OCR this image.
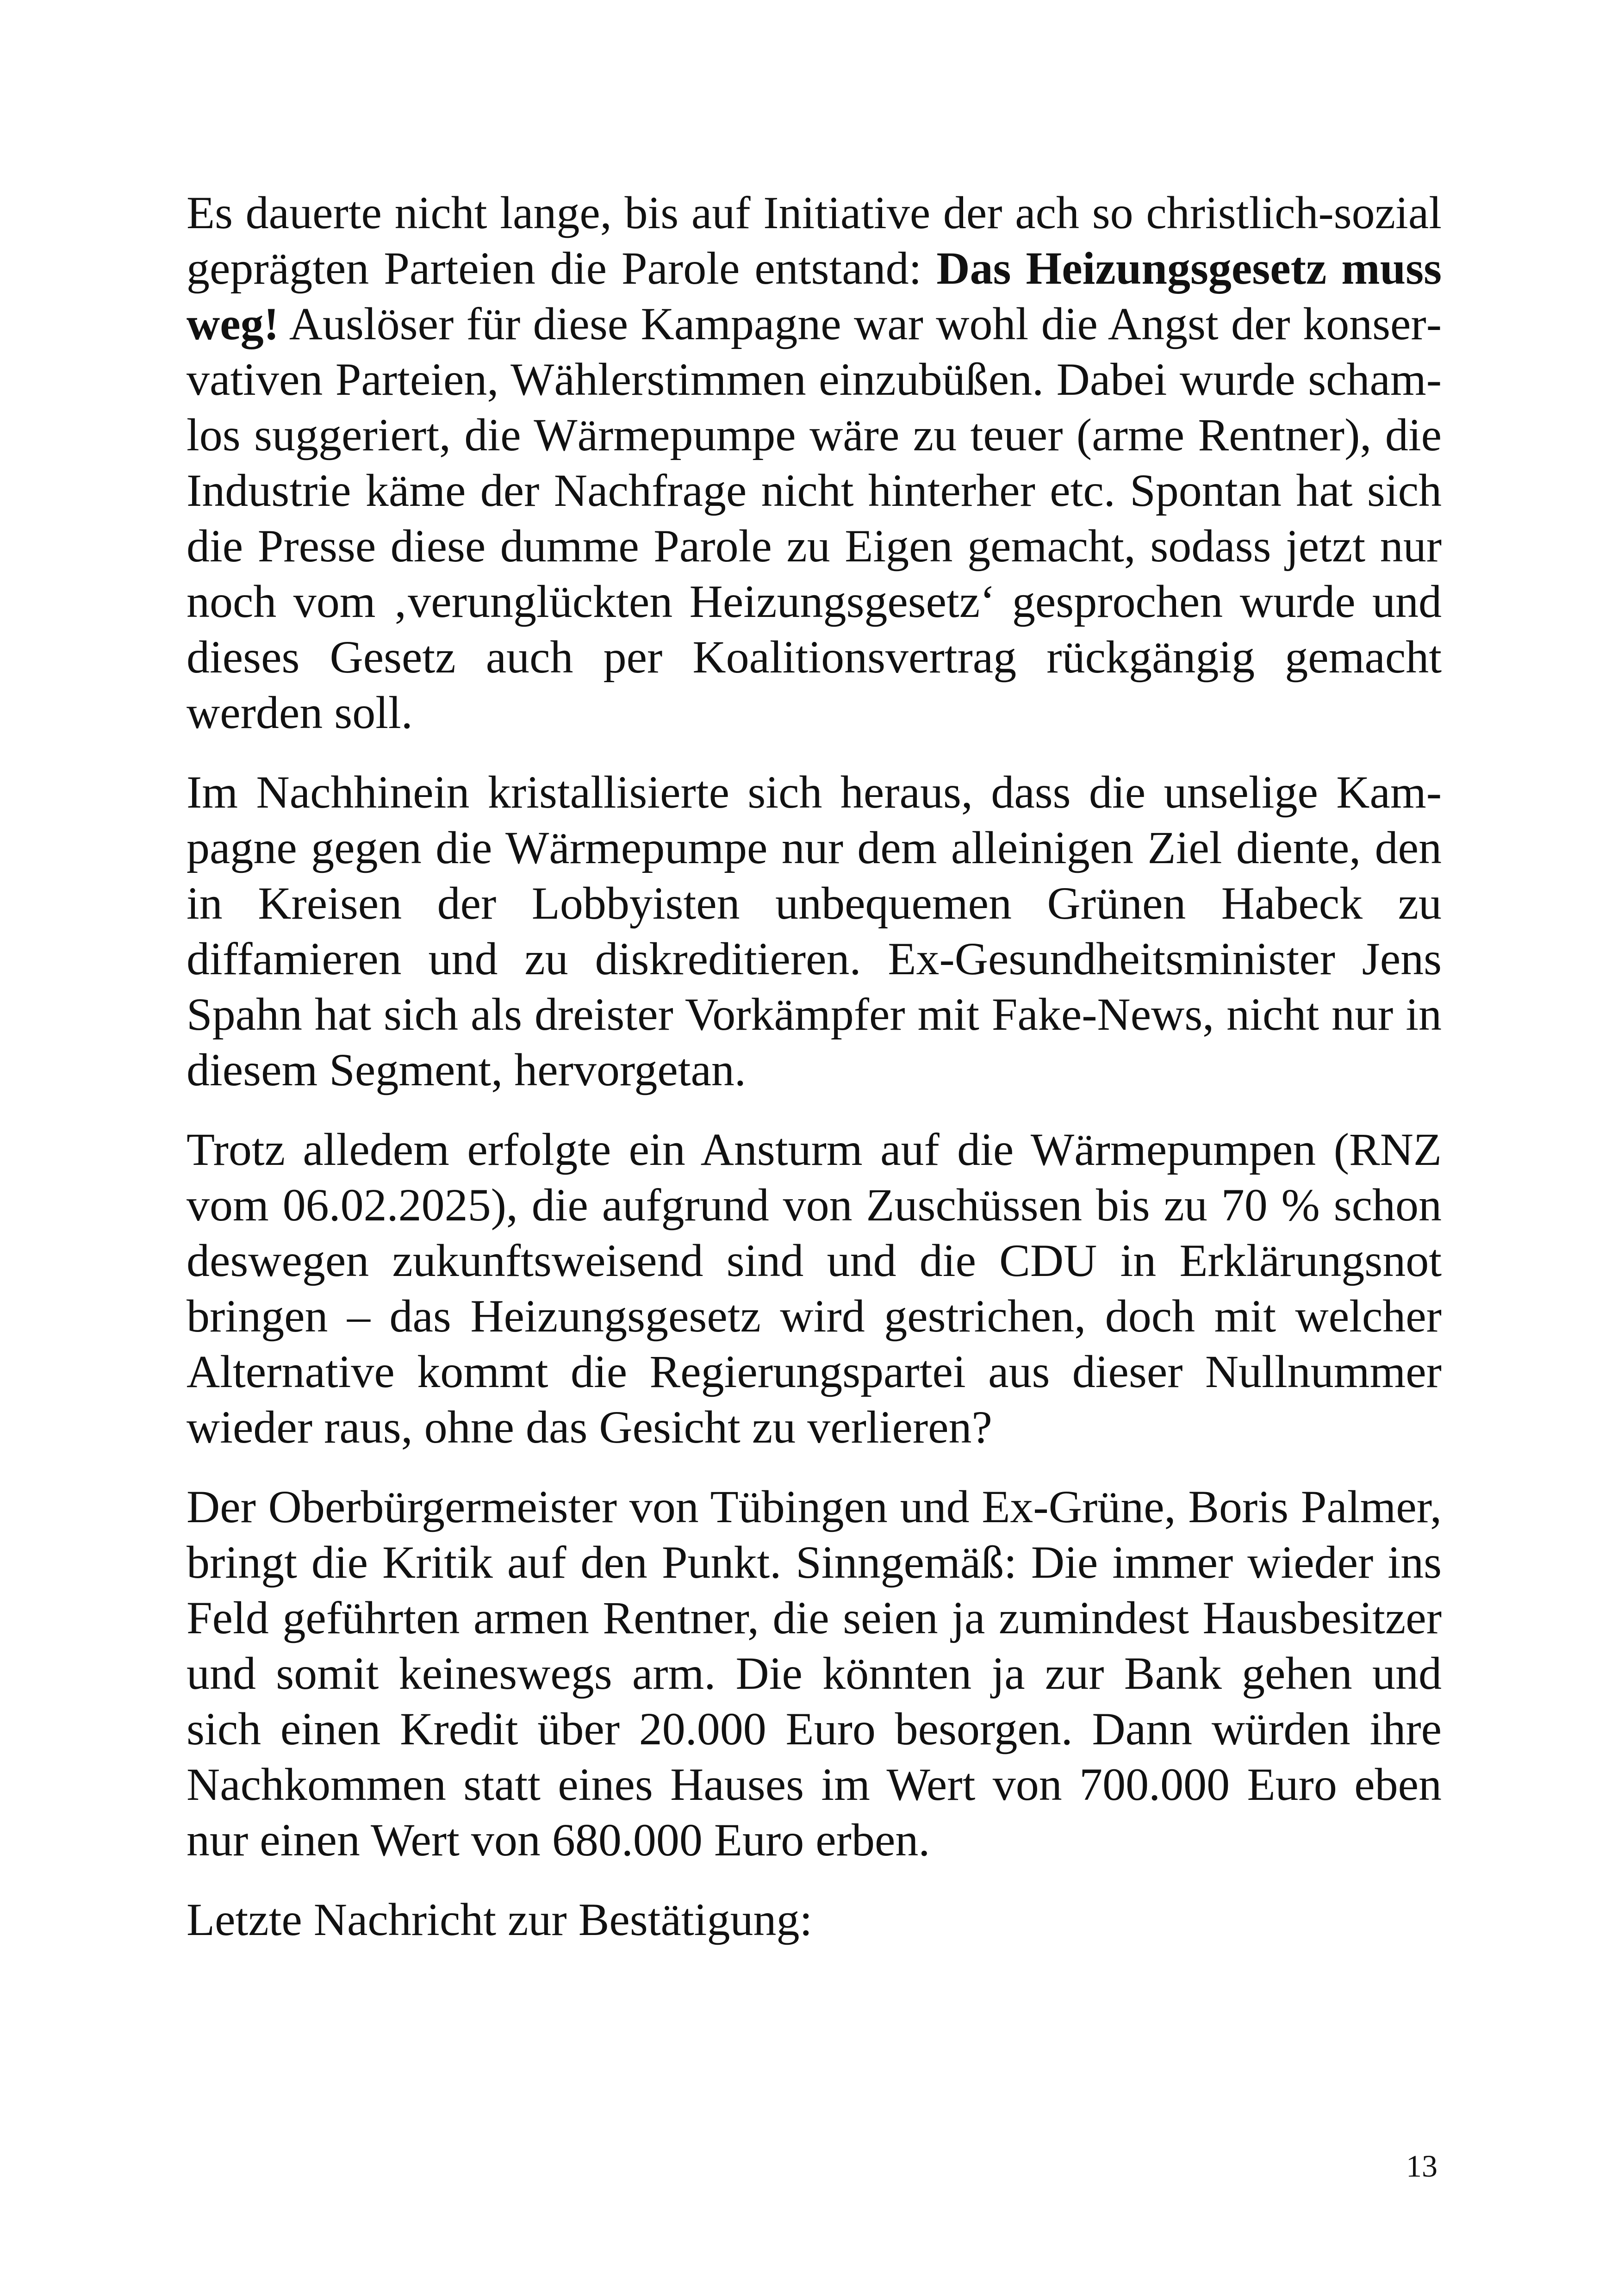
Es dauerte nicht lange, bis auf Initiative der ach so christlich-sozial geprägten Parteien die Parole entstand: Das Heizungsgesetz muss weg! Auslöser für diese Kampagne war wohl die Angst der konservativen Parteien, Wählerstimmen einzubüßen. Dabei wurde schamlos suggeriert, die Wärmepumpe wäre zu teuer (arme Rentner), die Industrie käme der Nachfrage nicht hinterher etc. Spontan hat sich die Presse diese dumme Parole zu Eigen gemacht, sodass jetzt nur noch vom ‚verunglückten Heizungsgesetz‘ gesprochen wurde und dieses Gesetz auch per Koalitionsvertrag rückgängig gemacht werden soll.

Im Nachhinein kristallisierte sich heraus, dass die unselige Kampagne gegen die Wärmepumpe nur dem alleinigen Ziel diente, den in Kreisen der Lobbyisten unbequemen Grünen Habeck zu diffamieren und zu diskreditieren. Ex-Gesundheitsminister Jens Spahn hat sich als dreister Vorkämpfer mit Fake-News, nicht nur in diesem Segment, hervorgetan.

Trotz alledem erfolgte ein Ansturm auf die Wärmepumpen (RNZ vom 06.02.2025), die aufgrund von Zuschüssen bis zu 70 % schon deswegen zukunftsweisend sind und die CDU in Erklärungsnot bringen – das Heizungsgesetz wird gestrichen, doch mit welcher Alternative kommt die Regierungspartei aus dieser Nullnummer wieder raus, ohne das Gesicht zu verlieren?

Der Oberbürgermeister von Tübingen und Ex-Grüne, Boris Palmer, bringt die Kritik auf den Punkt. Sinngemäß: Die immer wieder ins Feld geführten armen Rentner, die seien ja zumindest Hausbesitzer und somit keineswegs arm. Die könnten ja zur Bank gehen und sich einen Kredit über 20.000 Euro besorgen. Dann würden ihre Nachkommen statt eines Hauses im Wert von 700.000 Euro eben nur einen Wert von 680.000 Euro erben.

Letzte Nachricht zur Bestätigung:

13
